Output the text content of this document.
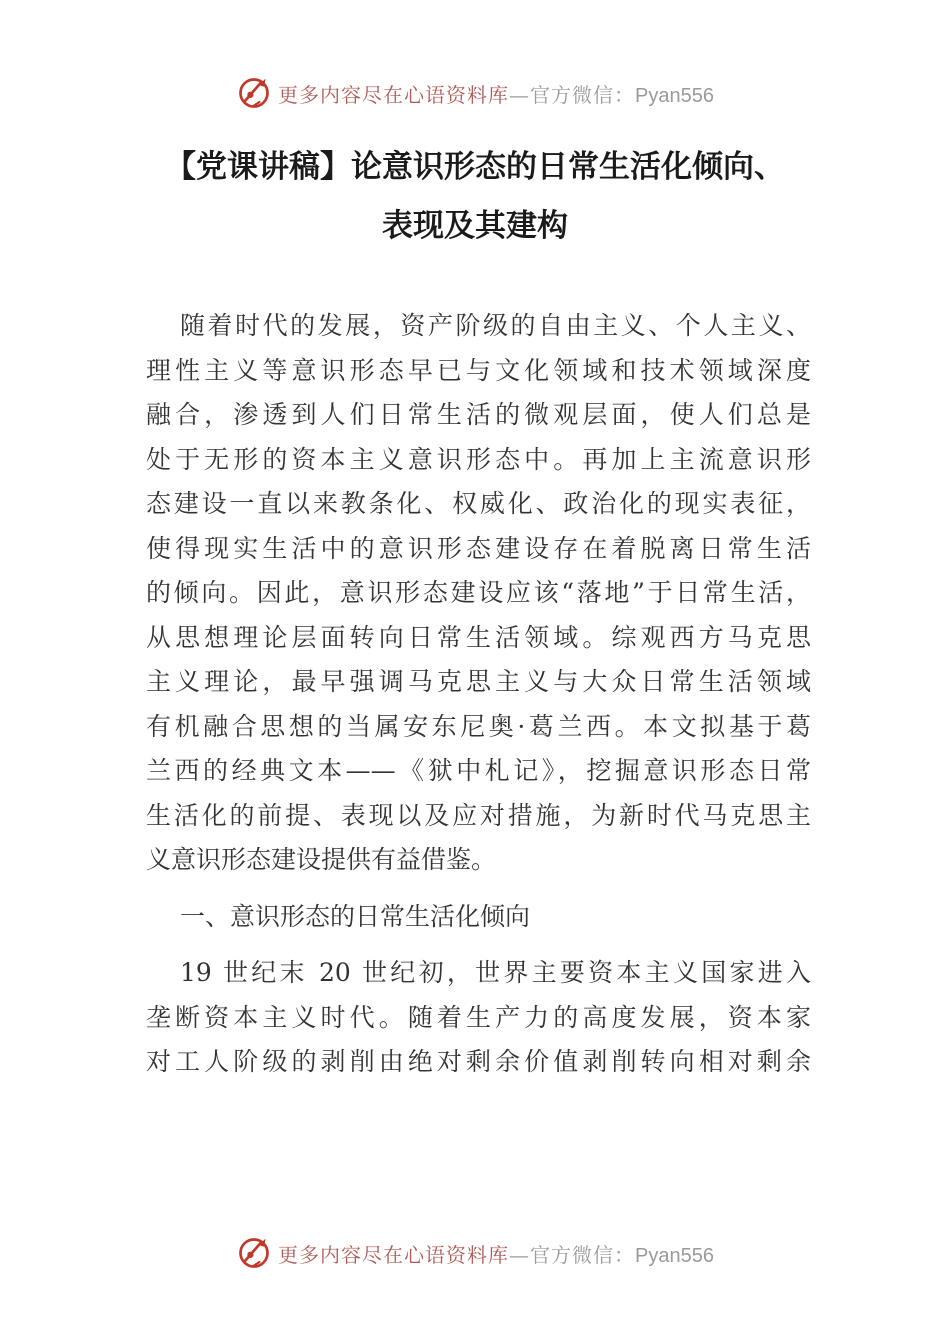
更多内容尽在心语资料库—官方微信：Pyan556
【党课讲稿】论意识形态的日常生活化倾向、
表现及其建构
随着时代的发展，资产阶级的自由主义、个人主义、
理性主义等意识形态早已与文化领域和技术领域深度
融合，渗透到人们日常生活的微观层面，使人们总是
处于无形的资本主义意识形态中。再加上主流意识形
态建设一直以来教条化、权威化、政治化的现实表征，
使得现实生活中的意识形态建设存在着脱离日常生活
的倾向。因此，意识形态建设应该“落地”于日常生活，
从思想理论层面转向日常生活领域。综观西方马克思
主义理论，最早强调马克思主义与大众日常生活领域
有机融合思想的当属安东尼奥·葛兰西。本文拟基于葛
兰西的经典文本——《狱中札记》，挖掘意识形态日常
生活化的前提、表现以及应对措施，为新时代马克思主
义意识形态建设提供有益借鉴。
一、意识形态的日常生活化倾向
19 世纪末 20 世纪初，世界主要资本主义国家进入
垄断资本主义时代。随着生产力的高度发展，资本家
对工人阶级的剥削由绝对剩余价值剥削转向相对剩余
更多内容尽在心语资料库—官方微信：Pyan556
